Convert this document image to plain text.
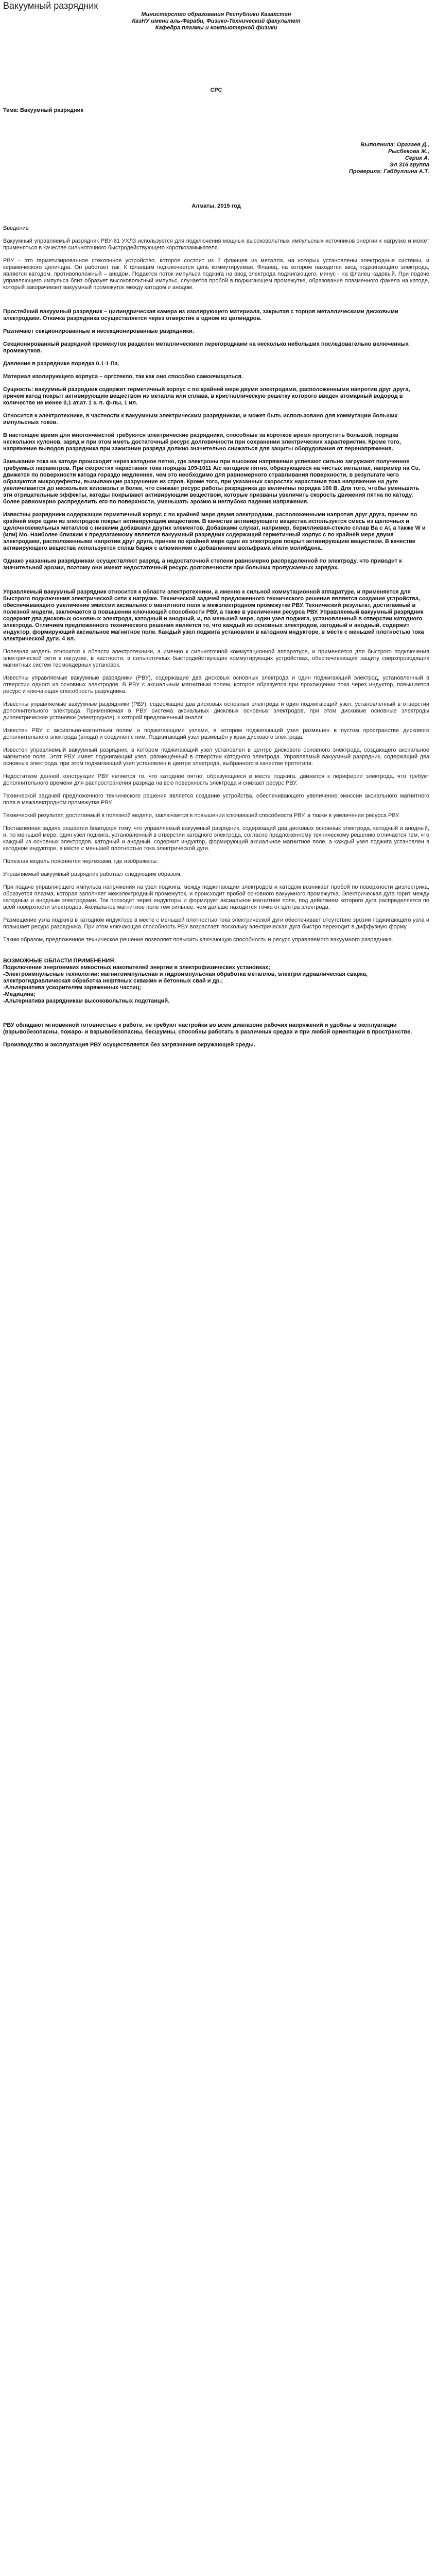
Вакуумный разрядник
Министерство образования Республики Казахстан
КазНУ имени аль-Фараби, Физико-Технический факультет
Кафедра плазмы и компьютерной физики
СРС
Тема: Вакуумный разрядник
Выполнила: Оразаев Д.,
Рысбекова Ж.,
Серик А.
Эл 316 группа
Проверила: Габдуллина А.Т.
Алматы, 2015 год
Введение

Вакуумный управляемый разрядник РВУ-61 УХЛ3 используется для подключения мощных высоковольтных импульсных источников энергии к нагрузке и может применяться в качестве сильноточного быстродействующего короткозамыкателя.

РВУ – это герметизированное стеклянное устройство, которое состоит из 2 фланцев из металла, на которых установлены электродные системы, и керамического цилиндра. Он работает так. К фланцам подключается цепь коммутируемая. Фланец, на котором находится ввод поджигающего электрода, является катодом, противоположный – анодом. Подается поток импульса поджига на ввод электрода поджигающего, минус - на фланец кадовый. При подаче управляющего импульса близ образует высоковольтный импульс, случается пробой в поджигающем промежутке, образование плазменного факела на катоде, который закорачивает вакуумный промежуток между катодом и анодом.

Простейший вакуумный разрядник – цилиндрическая камера из изолирующего материала, закрытая с торцов металлическими дисковыми электродами. Откачка разрядника осуществляется через отверстие в одном из цилиндров.

Различают секционированные и несекционированные разрядники.

Секционированный разрядной промежуток разделен металлическими перегородками на несколько небольших последовательно включенных промежутков.

Давление в разряднике порядка 0,1-1 Па.

Материал изолирующего корпуса – оргстекло, так как оно способно самоочищаться.

Сущность: вакуумный разрядник содержит герметичный корпус с по крайней мере двумя электродами, расположенными напротив друг друга, причем катод покрыт активирующим веществом из металла или сплава, в кристаллическую решетку которого введен атомарный водород в количестве не менее 0,1 ат.ат. 1 з. п. ф-лы, 1 ил.

Относится к электротехнике, в частности к вакуумным электрическим разрядникам, и может быть использовано для коммутации больших импульсных токов.

В настоящее время для многоячеистой требуются электрические разрядники, способные за короткое время пропустить большой, порядка нескольких кулонов, заряд и при этом иметь достаточный ресурс долговечности при сохранении электрических характеристик. Кроме того, напряжение выводов разрядника при зажигании разряда должно значительно снижаться для защиты оборудования от перенапряжения.

Замыкание тока на катоде происходит через катодное пятно, где электроны при высоком напряжении успевают сильно загружают полученное требуемых параметров. При скоростях нарастания тока порядка 109-1011 А/с катодное пятно, образующееся на чистых металлах, например на Cu, движется по поверхности катода гораздо медленнее, чем это необходимо для равномерного стравливания поверхности, в результате чего образуются микродефекты, вызывающие разрушение из строя. Кроме того, при указанных скоростях нарастания тока напряжение на дуге увеличивается до нескольких киловольт и более, что снижает ресурс работы разрядника до величины порядка 100 В. Для того, чтобы уменьшить эти отрицательные эффекты, катоды покрывают активирующим веществом, которые призваны увеличить скорость движения пятна по катоду, более равномерно распределить его по поверхности, уменьшать эрозию и неглубоко падение напряжения.

Известны разрядники содержащие герметичный корпус с по крайней мере двумя электродами, расположенными напротив друг друга, причем по крайней мере один из электродов покрыт активирующим веществом. В качестве активирующего вещества используется смесь из щелочных и щелочноземельных металлов с низкими добавками других элементов. Добавками служат, например, бериллиевая-стекло сплав Ba с Al, а также W и (или) Mo. Наиболее близким к предлагаемому является вакуумный разрядник содержащий герметичный корпус с по крайней мере двумя электродами, расположенными напротив друг друга, причем по крайней мере один из электродов покрыт активирующим веществом. В качестве активирующего вещества используется сплав бария с алюминием с добавлением вольфрама и/или молибдена.

Однако указанным разрядникам осуществляют разряд, а недостаточной степени равномерно распределенной по электроду, что приводит к значительной эрозии, поэтому они имеют недостаточный ресурс долговечности при больших пропускаемых зарядах.

Управляемый вакуумный разрядник относится к области электротехники, а именно к сильной коммутационной аппаратуре, и применяется для быстрого подключения электрической сети к нагрузке. Технической задачей предложенного технического решения является создание устройства, обеспечивающего увеличение эмиссии аксиального магнитного поля в межэлектродном промежутке РВУ. Технический результат, достигаемый в полезной модели, заключается в повышении ключающей способности РВУ, а также в увеличении ресурса РВУ. Управляемый вакуумный разрядник содержит два дисковых основных электрода, катодный и анодный, и, по меньшей мере, один узел поджига, установленный в отверстии катодного электрода. Отличием предложенного технического решения является то, что каждый из основных электродов, катодный и анодный, содержит индуктор, формирующий аксиальное магнитное поле. Каждый узел поджига установлен в катодном индукторе, в месте с меньшей плотностью тока электрической дуги. 4 ил.

Полезная модель относится к области электротехники, а именно к сильноточной коммутационной аппаратуре, и применяется для быстрого подключения электрической сети к нагрузке, в частности, в сильноточных быстродействующих коммутирующих устройствах, обеспечивающих защиту сверхпроводящих магнитных систем термоядерных установок.

Известны управляемые вакуумные разрядники (РВУ), содержащие два дисковых основных электрода и один поджигающий электрод, установленный в отверстии одного из основных электродов. В РВУ с аксиальным магнитным полем, которое образуется при прохождении тока через индуктор, повышается ресурс и ключающая способность разрядника.

Известны управляемые вакуумные разрядники (РВУ), содержащие два дисковых основных электрода и один поджигающий узел, установленный в отверстии дополнительного электрода. Применяемая в РВУ система аксиальных дисковых основных электродов, при этом дисковые основные электроды диэлектрические установки (электродное), к которой предложенный аналог.

Известен РВУ с аксиально-магнитным полем и поджигающими узлами, в котором поджигающий узел размещен в пустом пространстве дискового дополнительного электрода (анода) и соединен с ним. Поджигающий узел размещён у края дискового электрода.

Известен управляемый вакуумный разрядник, в котором поджигающий узел установлен в центре дискового основного электрода, создающего аксиальное магнитное поле. Этот РВУ имеет поджигающий узел, размещённый в отверстии катодного электрода. Управляемый вакуумный разрядник, содержащий два основных электрода, при этом поджигающий узел установлен в центре электрода, выбранного в качестве прототипа.

Недостатком данной конструкции РВУ является то, что катодное пятно, образующееся в месте поджига, движется к периферии электрода, что требует дополнительного времени для распространения разряда на всю поверхность электрода и снижает ресурс РВУ.

Технической задачей предложенного технического решения является создание устройства, обеспечивающего увеличение эмиссии аксиального магнитного поля в межэлектродном промежутке РВУ.

Технический результат, достигаемый в полезной модели, заключается в повышении ключающей способности РВУ, а также в увеличении ресурса РВУ.

Поставленная задача решается благодаря тому, что управляемый вакуумный разрядник, содержащий два дисковых основных электрода, катодный и анодный, и, по меньшей мере, один узел поджига, установленный в отверстии катодного электрода, согласно предложенному техническому решению отличается тем, что каждый из основных электродов, катодный и анодный, содержит индуктор, формирующий аксиальное магнитное поле, а каждый узел поджига установлен в катодном индукторе, в месте с меньшей плотностью тока электрической дуги.

Полезная модель поясняется чертежами, где изображены:

Управляемый вакуумный разрядник работает следующим образом.

При подаче управляющего импульса напряжения на узел поджига, между поджигающим электродом и катодом возникает пробой по поверхности диэлектрика, образуется плазма, которая заполняет межэлектродный промежуток, и происходит пробой основного вакуумного промежутка. Электрическая дуга горит между катодным и анодным электродами. Ток проходит через индукторы и формирует аксиальное магнитное поле, под действием которого дуга распределяется по всей поверхности электродов. Аксиальное магнитное поле тем сильнее, чем дальше находится точка от центра электрода.

Размещение узла поджига в катодном индукторе в месте с меньшей плотностью тока электрической дуги обеспечивает отсутствие эрозии поджигающего узла и повышает ресурс разрядника. При этом ключающая способность РВУ возрастает, поскольку электрическая дуга быстро переходит в диффузную форму.

Таким образом, предложенное техническое решение позволяет повысить ключающую способность и ресурс управляемого вакуумного разрядника.

ВОЗМОЖНЫЕ ОБЛАСТИ ПРИМЕНЕНИЯ
Подключение энергоемких емкостных накопителей энергии в электрофизических установках;
-Электроимпульсные технологии: магнитоимпульсная и гидроимпульсная обработка металлов, электрогидравлическая сварка, электрогидравлическая обработка нефтяных скважин и бетонных свай и др.;
-Альтернатива ускорителям заряженных частиц;
-Медицина;
-Альтернатива разрядникам высоковольтных подстанций.

РВУ обладают мгновенной готовностью к работе, не требуют настройки во всем диапазоне рабочих напряжений и удобны в эксплуатации (взрывобезопасны, пожаро- и взрывобезопасны, бесшумны, способны работать в различных средах и при любой ориентации в пространстве.

Производство и эксплуатация РВУ осуществляется без загрязнения окружающей среды.
